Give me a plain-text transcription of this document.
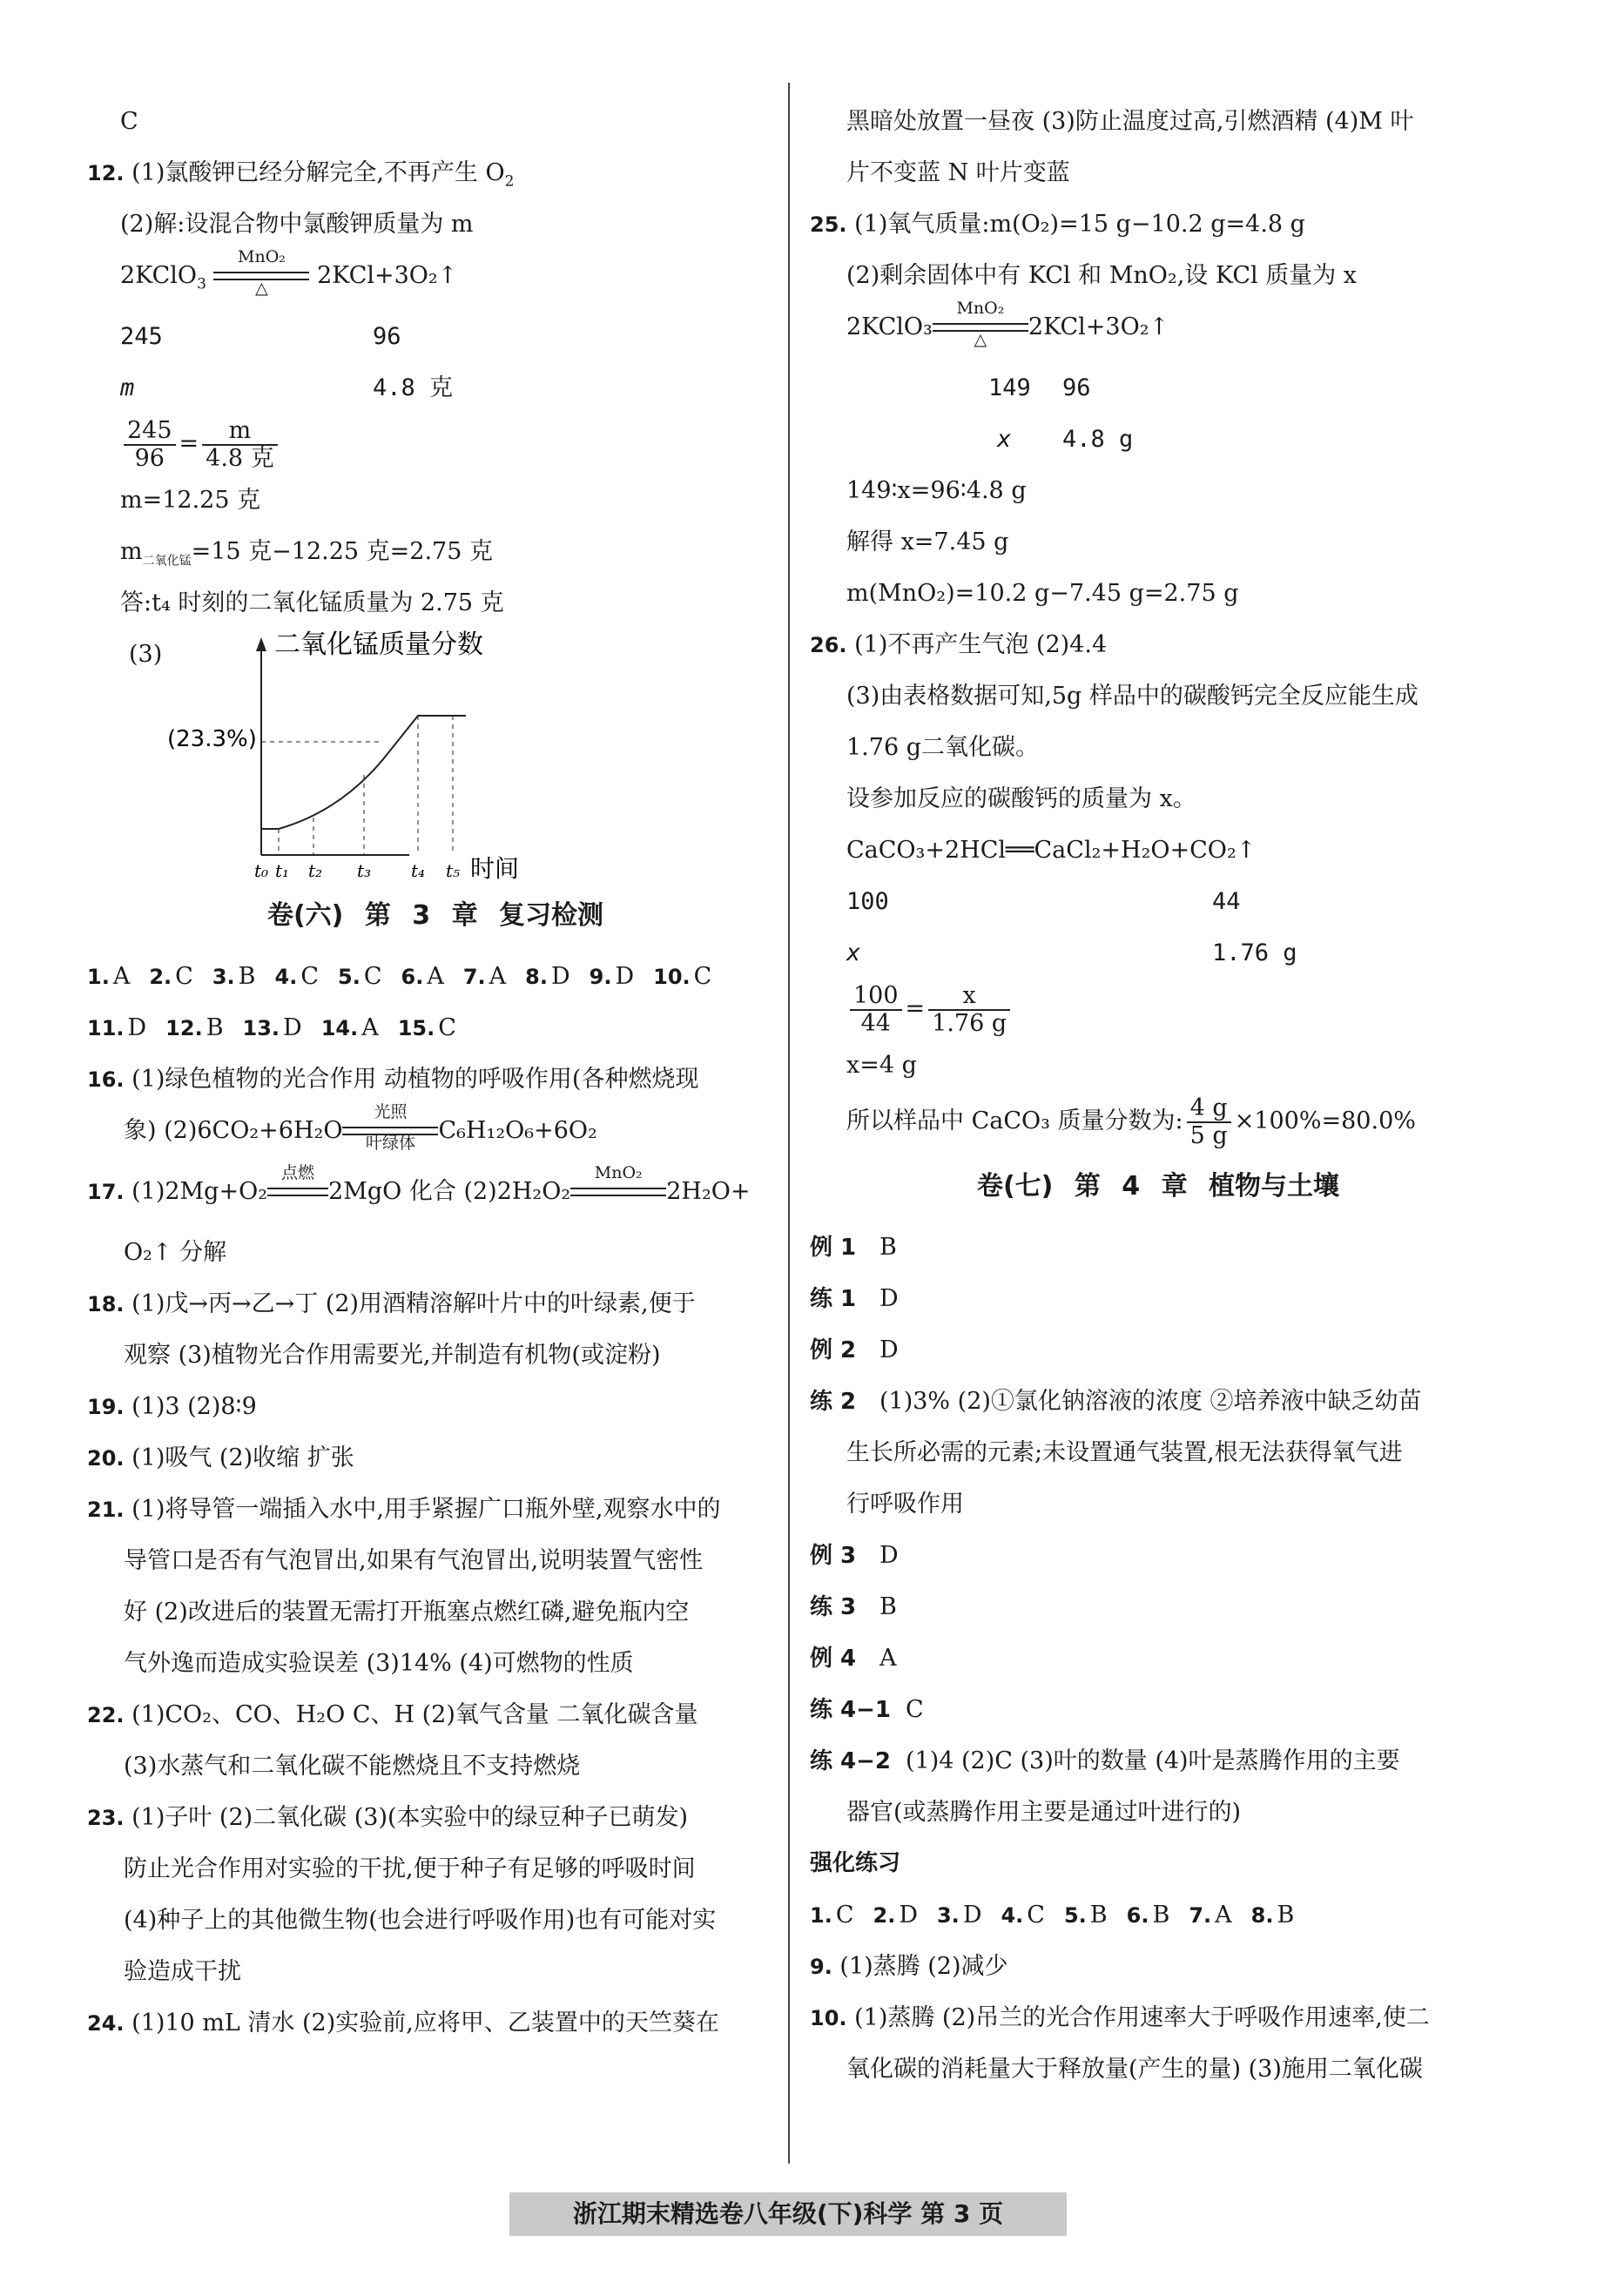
C
12. (1)氯酸钾已经分解完全,不再产生 $O_2$
(2)解:设混合物中氯酸钾质量为 m
2KClO$_3$
MnO₂
△	2KCl+3O₂↑
245	96
m	4.8 克
$\frac{245}{96} = \frac{m}{\text{4.8 克}}$
m=12.25 克
$m_{二氧化锰}=15$ 克−12.25 克=2.75 克
答:t₄ 时刻的二氧化锰质量为 2.75 克
(3)	二氧化锰质量分数
(23.3%)
t₀ t₁ t₂ t₃ t₄ t₅ 时间
卷(六) 第 3 章 复习检测
1. A 2. C 3. B 4. C 5. C 6. A 7. A 8. D 9. D 10. C
11. D 12. B 13. D 14. A 15. C
16. (1)绿色植物的光合作用 动植物的呼吸作用(各种燃烧现
象) (2)6CO₂+6H₂O
光照
叶绿体 C₆H₁₂O₆+6O₂
17. (1)2Mg+O₂
点燃
2MgO 化合 (2)2H₂O₂
MnO₂
2H₂O+
O₂↑ 分解
18. (1)戊→丙→乙→丁 (2)用酒精溶解叶片中的叶绿素,便于
观察 (3)植物光合作用需要光,并制造有机物(或淀粉)
19. (1)3 (2)8∶9
20. (1)吸气 (2)收缩 扩张
21. (1)将导管一端插入水中,用手紧握广口瓶外壁,观察水中的
导管口是否有气泡冒出,如果有气泡冒出,说明装置气密性
好 (2)改进后的装置无需打开瓶塞点燃红磷,避免瓶内空
气外逸而造成实验误差 (3)14% (4)可燃物的性质
22. (1)CO₂、CO、H₂O C、H (2)氧气含量 二氧化碳含量
(3)水蒸气和二氧化碳不能燃烧且不支持燃烧
23. (1)子叶 (2)二氧化碳 (3)(本实验中的绿豆种子已萌发)
防止光合作用对实验的干扰,便于种子有足够的呼吸时间
(4)种子上的其他微生物(也会进行呼吸作用)也有可能对实
验造成干扰
24. (1)10 mL 清水 (2)实验前,应将甲、乙装置中的天竺葵在
黑暗处放置一昼夜 (3)防止温度过高,引燃酒精 (4)M 叶
片不变蓝 N 叶片变蓝
25. (1)氧气质量:m(O₂)=15 g−10.2 g=4.8 g
(2)剩余固体中有 KCl 和 MnO₂,设 KCl 质量为 x
2KClO₃
MnO₂
△	2KCl+3O₂↑
149 96
x 4.8 g
149∶x=96∶4.8 g
解得 x=7.45 g
m(MnO₂)=10.2 g−7.45 g=2.75 g
26. (1)不再产生气泡 (2)4.4
(3)由表格数据可知,5g 样品中的碳酸钙完全反应能生成
1.76 g二氧化碳。
设参加反应的碳酸钙的质量为 x。
CaCO₃+2HCl══CaCl₂+H₂O+CO₂↑
100	44
x	1.76 g
$\frac{100}{44} = \frac{x}{1.76 g}$
x=4 g
所以样品中 CaCO₃ 质量分数为: $\frac{4 g}{5 g} \times 100\%=80.0\%$
卷(七) 第 4 章 植物与土壤
例 1 B
练 1 D
例 2 D
练 2 (1)3% (2)①氯化钠溶液的浓度 ②培养液中缺乏幼苗
生长所必需的元素;未设置通气装置,根无法获得氧气进
行呼吸作用
例 3 D
练 3 B
例 4 A
练 4−1 C
练 4−2 (1)4 (2)C (3)叶的数量 (4)叶是蒸腾作用的主要
器官(或蒸腾作用主要是通过叶进行的)
强化练习
1. C 2. D 3. D 4. C 5. B 6. B 7. A 8. B
9. (1)蒸腾 (2)减少
10. (1)蒸腾 (2)吊兰的光合作用速率大于呼吸作用速率,使二
氧化碳的消耗量大于释放量(产生的量) (3)施用二氧化碳
浙江期末精选卷八年级(下)科学 第 3 页
